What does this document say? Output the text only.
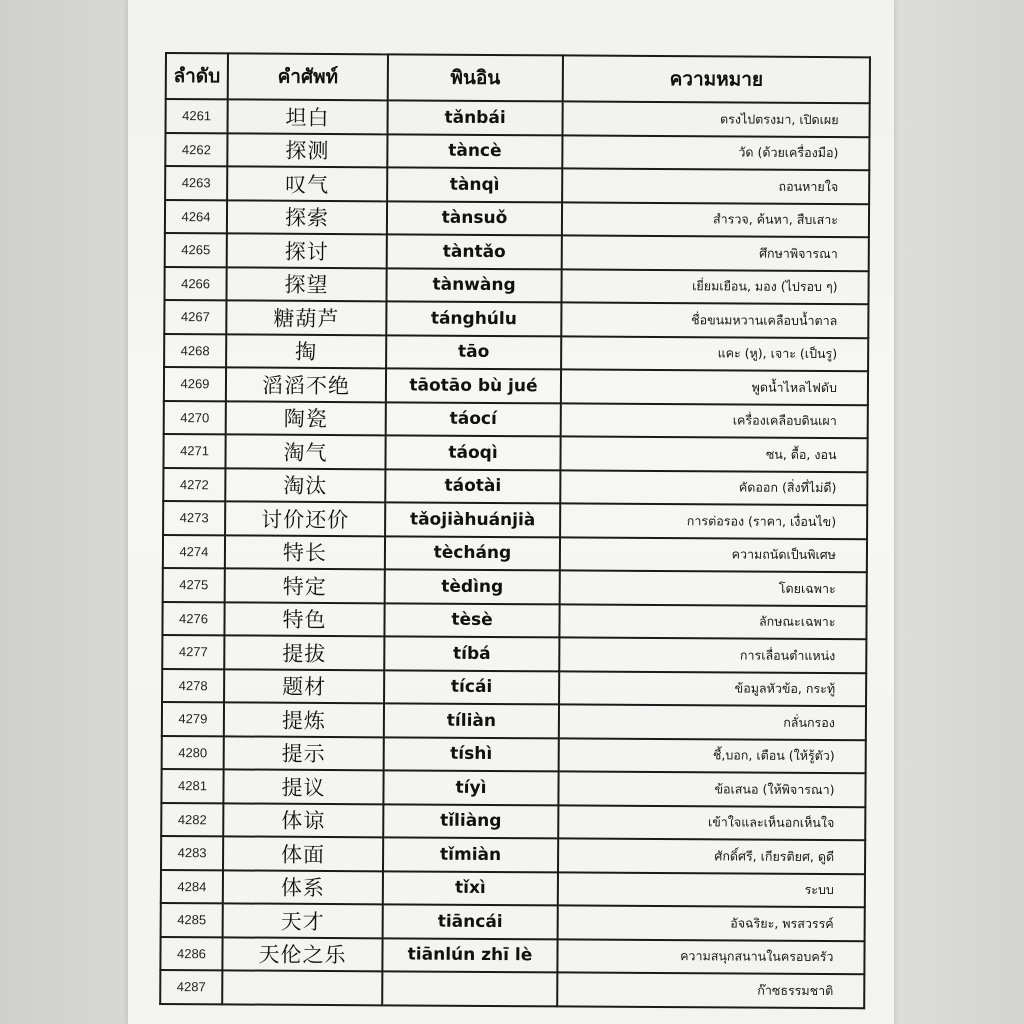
ลำดับ	คำศัพท์	พินอิน	ความหมาย
4261	坦白	tǎnbái	ตรงไปตรงมา, เปิดเผย
4262	探测	tàncè	วัด (ด้วยเครื่องมือ)
4263	叹气	tànqì	ถอนหายใจ
4264	探索	tànsuǒ	สำรวจ, ค้นหา, สืบเสาะ
4265	探讨	tàntǎo	ศึกษาพิจารณา
4266	探望	tànwàng	เยี่ยมเยือน, มอง (ไปรอบ ๆ)
4267	糖葫芦	tánghúlu	ชื่อขนมหวานเคลือบน้ำตาล
4268	掏	tāo	แคะ (หู), เจาะ (เป็นรู)
4269	滔滔不绝	tāotāo bù jué	พูดน้ำไหลไฟดับ
4270	陶瓷	táocí	เครื่องเคลือบดินเผา
4271	淘气	táoqì	ซน, ดื้อ, งอน
4272	淘汰	táotài	คัดออก (สิ่งที่ไม่ดี)
4273	讨价还价	tǎojiàhuánjià	การต่อรอง (ราคา, เงื่อนไข)
4274	特长	tècháng	ความถนัดเป็นพิเศษ
4275	特定	tèdìng	โดยเฉพาะ
4276	特色	tèsè	ลักษณะเฉพาะ
4277	提拔	tíbá	การเลื่อนตำแหน่ง
4278	题材	tícái	ข้อมูลหัวข้อ, กระทู้
4279	提炼	tíliàn	กลั่นกรอง
4280	提示	tíshì	ชี้,บอก, เตือน (ให้รู้ตัว)
4281	提议	tíyì	ข้อเสนอ (ให้พิจารณา)
4282	体谅	tǐliàng	เข้าใจและเห็นอกเห็นใจ
4283	体面	tǐmiàn	ศักดิ์ศรี, เกียรติยศ, ดูดี
4284	体系	tǐxì	ระบบ
4285	天才	tiāncái	อัจฉริยะ, พรสวรรค์
4286	天伦之乐	tiānlún zhī lè	ความสนุกสนานในครอบครัว
4287			ก๊าซธรรมชาติ
